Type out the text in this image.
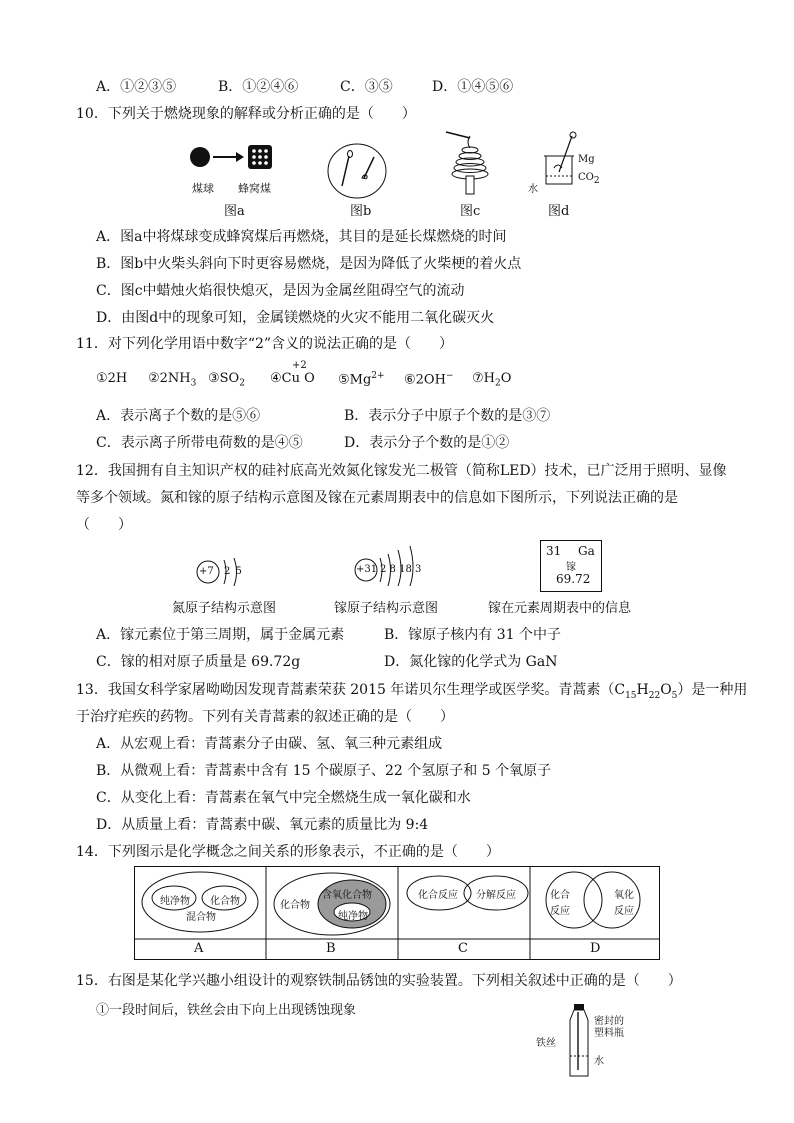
A．①②③⑤	B．①②④⑥	C．③⑤	D．①④⑤⑥
10．下列关于燃烧现象的解释或分析正确的是（　　）
煤球 蜂窝煤
图a	图b	图c
Mg
$CO_2$
水
图d
A．图a中将煤球变成蜂窝煤后再燃烧，其目的是延长煤燃烧的时间
B．图b中火柴头斜向下时更容易燃烧，是因为降低了火柴梗的着火点
C．图c中蜡烛火焰很快熄灭，是因为金属丝阻碍空气的流动
D．由图d中的现象可知，金属镁燃烧的火灾不能用二氧化碳灭火
11．对下列化学用语中数字“2”含义的说法正确的是（　　）
①2H $②2NH_3$ $③SO_2$ ④Cu O
+2
$⑤Mg^{2+}$ ⑥2OH− $⑦H_2O$
A．表示离子个数的是⑤⑥	B．表示分子中原子个数的是③⑦
C．表示离子所带电荷数的是④⑤	D．表示分子个数的是①②
12．我国拥有自主知识产权的硅衬底高光效氮化镓发光二极管（简称LED）技术，已广泛用于照明、显像
等多个领域。氮和镓的原子结构示意图及镓在元素周期表中的信息如下图所示，下列说法正确的是
（　　）
+7 2 5
氮原子结构示意图
+31 2 8 18 3
镓原子结构示意图
31 Ga
镓
69.72
镓在元素周期表中的信息
A．镓元素位于第三周期，属于金属元素	B．镓原子核内有 31 个中子
C．镓的相对原子质量是 69.72g	D．氮化镓的化学式为 GaN
13．我国女科学家屠呦呦因发现青蒿素荣获 2015 年诺贝尔生理学或医学奖。青蒿素$(C_{15}H_{22}O_5)$是一种用
于治疗疟疾的药物。下列有关青蒿素的叙述正确的是（　　）
A．从宏观上看：青蒿素分子由碳、氢、氧三种元素组成
B．从微观上看：青蒿素中含有 15 个碳原子、22 个氢原子和 5 个氧原子
C．从变化上看：青蒿素在氧气中完全燃烧生成一氧化碳和水
D．从质量上看：青蒿素中碳、氧元素的质量比为 9:4
14．下列图示是化学概念之间关系的形象表示，不正确的是（　　）
纯净物 化合物
混合物
A
化合物
含氧化合物
纯净物
B
化合反应 分解反应
C
化合
反应
氧化
反应
D
15．右图是某化学兴趣小组设计的观察铁制品锈蚀的实验装置。下列相关叙述中正确的是（　　）
①一段时间后，铁丝会由下向上出现锈蚀现象
密封的
塑料瓶
铁丝
水
